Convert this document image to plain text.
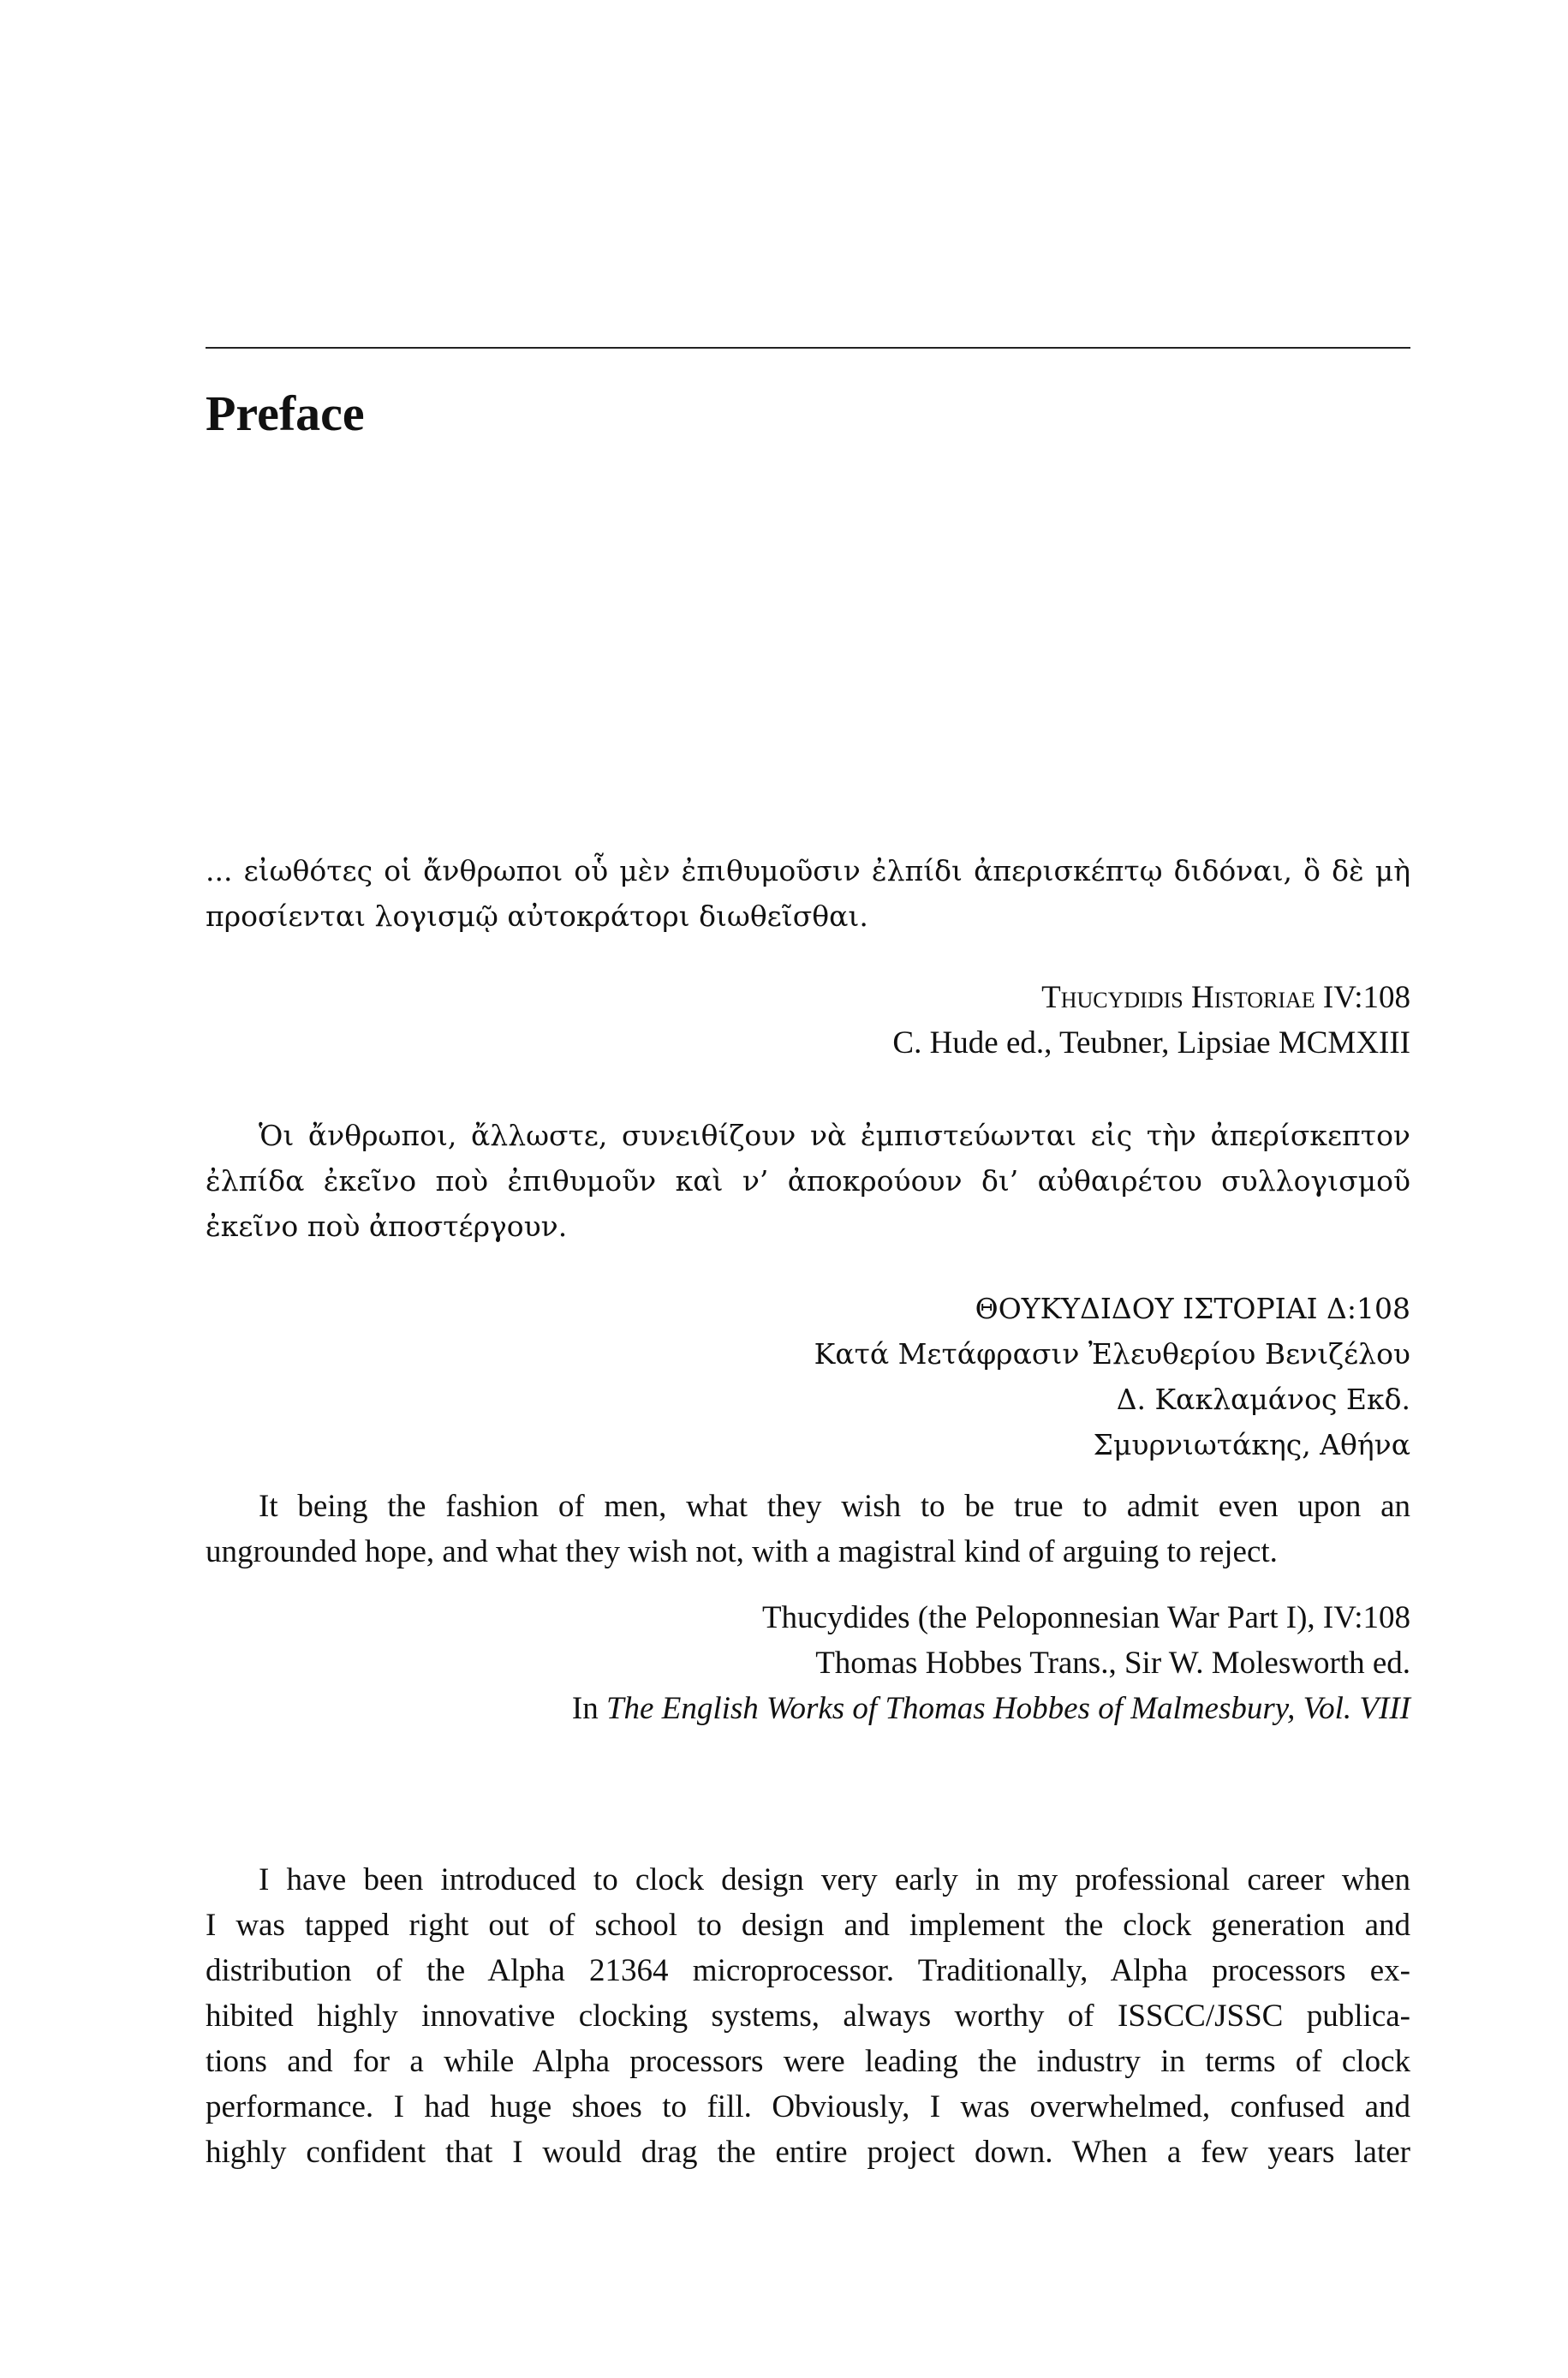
Preface
... εἰωθότες οἱ ἄνθρωποι οὗ μὲν ἐπιθυμοῦσιν ἐλπίδι ἀπερισκέπτῳ διδόναι, ὃ δὲ μὴ
προσίενται λογισμῷ αὐτοκράτορι διωθεῖσθαι.
Thucydidis Historiae IV:108
C. Hude ed., Teubner, Lipsiae MCMXIII
Ὁι ἄνθρωποι, ἄλλωστε, συνειθίζουν νὰ ἐμπιστεύωνται εἰς τὴν ἀπερίσκεπτον
ἐλπίδα ἐκεῖνο ποὺ ἐπιθυμοῦν καὶ ν’ ἀποκρούουν δι’ αὐθαιρέτου συλλογισμοῦ
ἐκεῖνο ποὺ ἀποστέργουν.
ΘΟΥΚΥΔΙΔΟΥ ΙΣΤΟΡΙΑΙ Δ:108
Κατά Μετάφρασιν Ἐλευθερίου Βενιζέλου
Δ. Κακλαμάνος Εκδ.
Σμυρνιωτάκης, Αθήνα
It being the fashion of men, what they wish to be true to admit even upon an
ungrounded hope, and what they wish not, with a magistral kind of arguing to reject.
Thucydides (the Peloponnesian War Part I), IV:108
Thomas Hobbes Trans., Sir W. Molesworth ed.
In The English Works of Thomas Hobbes of Malmesbury, Vol. VIII
I have been introduced to clock design very early in my professional career when
I was tapped right out of school to design and implement the clock generation and
distribution of the Alpha 21364 microprocessor. Traditionally, Alpha processors ex-
hibited highly innovative clocking systems, always worthy of ISSCC/JSSC publica-
tions and for a while Alpha processors were leading the industry in terms of clock
performance. I had huge shoes to fill. Obviously, I was overwhelmed, confused and
highly confident that I would drag the entire project down. When a few years later
